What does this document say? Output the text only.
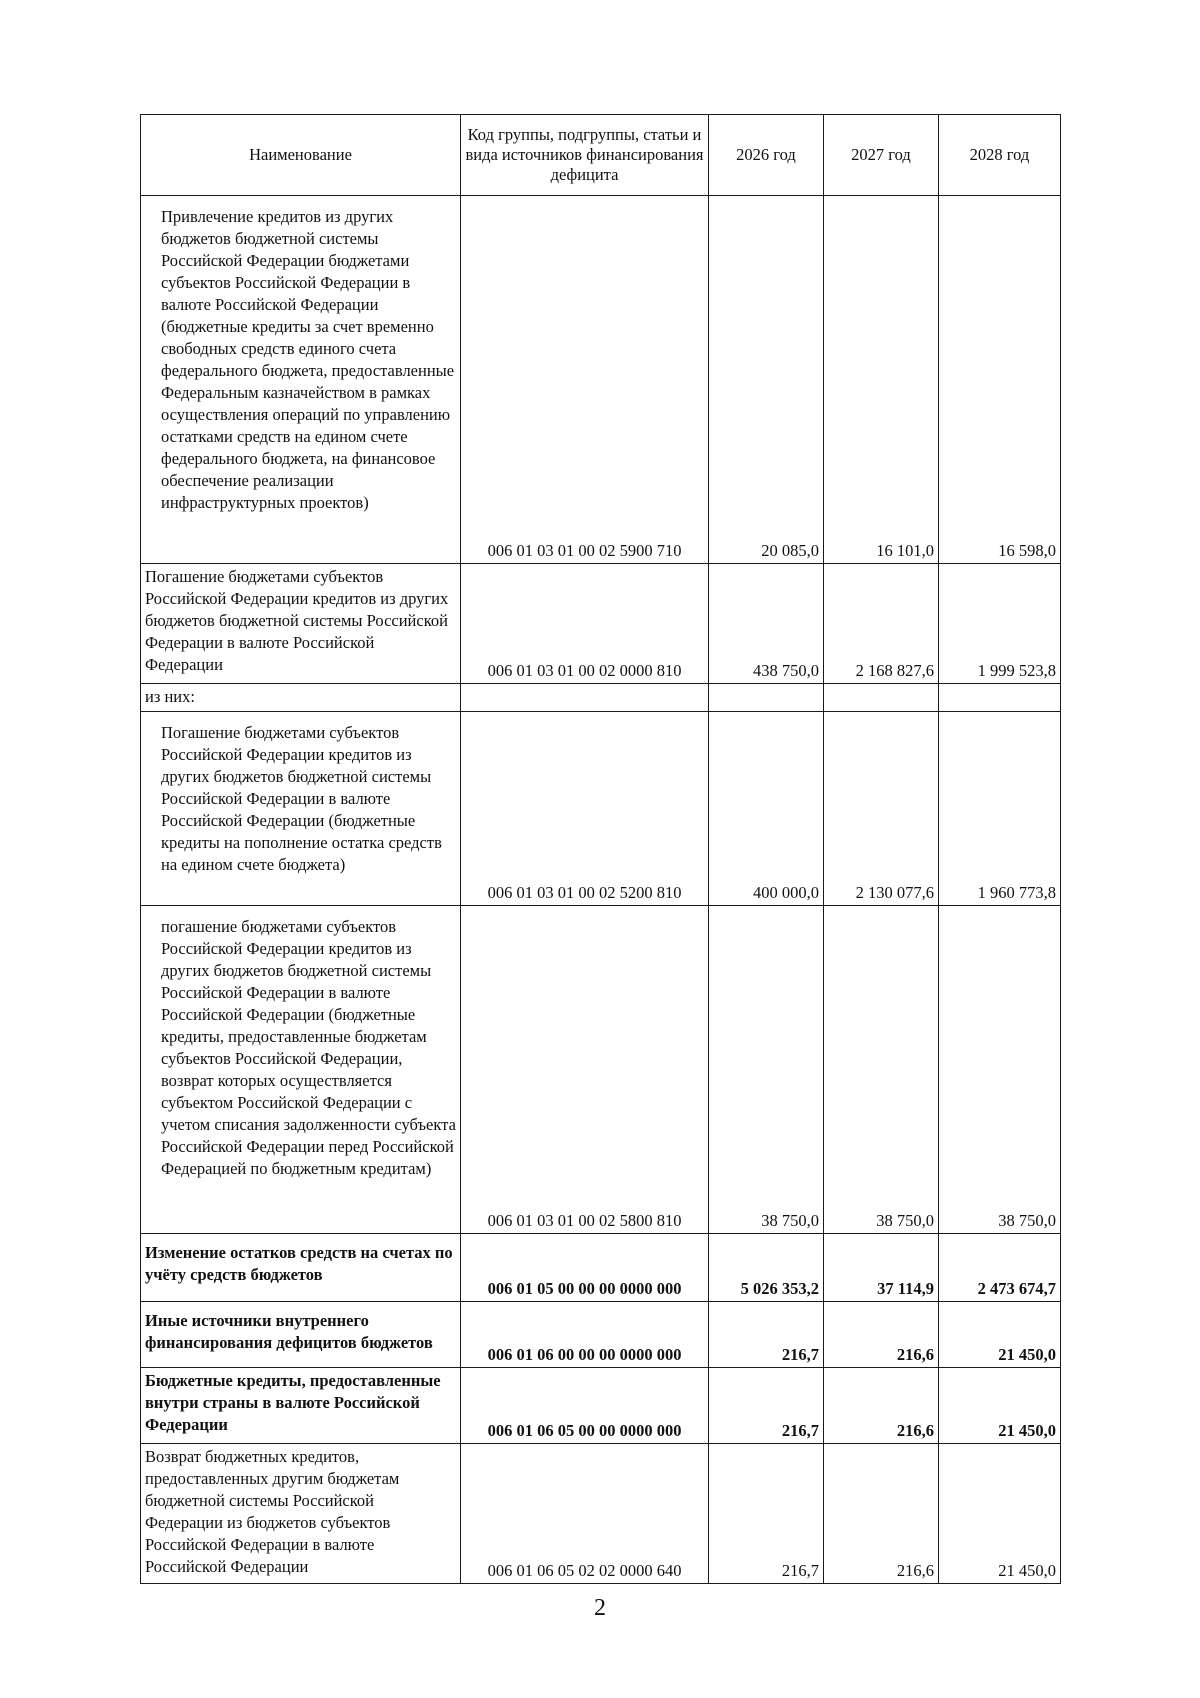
Наименование	Код группы, подгруппы, статьи и вида источников финансирования дефицита	2026 год	2027 год	2028 год
Привлечение кредитов из других бюджетов бюджетной системы Российской Федерации бюджетами субъектов Российской Федерации в валюте Российской Федерации (бюджетные кредиты за счет временно свободных средств единого счета федерального бюджета, предоставленные Федеральным казначейством в рамках осуществления операций по управлению остатками средств на едином счете федерального бюджета, на финансовое обеспечение реализации инфраструктурных проектов)	006 01 03 01 00 02 5900 710	20 085,0	16 101,0	16 598,0
Погашение бюджетами субъектов Российской Федерации кредитов из других бюджетов бюджетной системы Российской Федерации в валюте Российской Федерации	006 01 03 01 00 02 0000 810	438 750,0	2 168 827,6	1 999 523,8
из них:				
Погашение бюджетами субъектов Российской Федерации кредитов из других бюджетов бюджетной системы Российской Федерации в валюте Российской Федерации (бюджетные кредиты на пополнение остатка средств на едином счете бюджета)	006 01 03 01 00 02 5200 810	400 000,0	2 130 077,6	1 960 773,8
погашение бюджетами субъектов Российской Федерации кредитов из других бюджетов бюджетной системы Российской Федерации в валюте Российской Федерации (бюджетные кредиты, предоставленные бюджетам субъектов Российской Федерации, возврат которых осуществляется субъектом Российской Федерации с учетом списания задолженности субъекта Российской Федерации перед Российской Федерацией по бюджетным кредитам)	006 01 03 01 00 02 5800 810	38 750,0	38 750,0	38 750,0
Изменение остатков средств на счетах по учёту средств бюджетов	006 01 05 00 00 00 0000 000	5 026 353,2	37 114,9	2 473 674,7
Иные источники внутреннего финансирования дефицитов бюджетов	006 01 06 00 00 00 0000 000	216,7	216,6	21 450,0
Бюджетные кредиты, предоставленные внутри страны в валюте Российской Федерации	006 01 06 05 00 00 0000 000	216,7	216,6	21 450,0
Возврат бюджетных кредитов, предоставленных другим бюджетам бюджетной системы Российской Федерации из бюджетов субъектов Российской Федерации в валюте Российской Федерации	006 01 06 05 02 02 0000 640	216,7	216,6	21 450,0
2
